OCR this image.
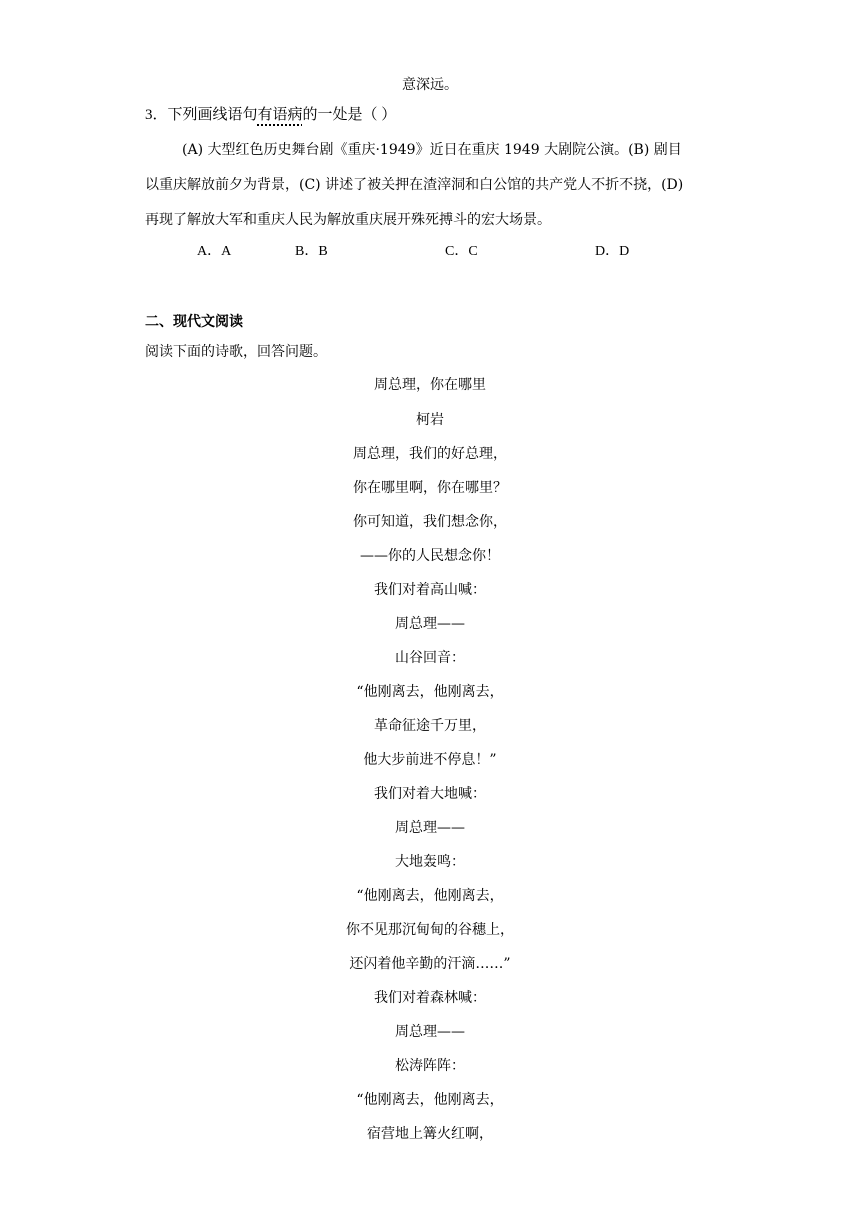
意深远。
3．下列画线语句有语病的一处是（ ）
(A) 大型红色历史舞台剧《重庆·1949》近日在重庆 1949 大剧院公演。(B) 剧目
以重庆解放前夕为背景，(C) 讲述了被关押在渣滓洞和白公馆的共产党人不折不挠，(D)
再现了解放大军和重庆人民为解放重庆展开殊死搏斗的宏大场景。
A．A	B．B	C．C	D．D
二、现代文阅读
阅读下面的诗歌，回答问题。
周总理，你在哪里
柯岩
周总理，我们的好总理，
你在哪里啊，你在哪里？
你可知道，我们想念你，
——你的人民想念你！
我们对着高山喊：
周总理——
山谷回音：
“他刚离去，他刚离去，
革命征途千万里，
他大步前进不停息！”
我们对着大地喊：
周总理——
大地轰鸣：
“他刚离去，他刚离去，
你不见那沉甸甸的谷穗上，
还闪着他辛勤的汗滴……”
我们对着森林喊：
周总理——
松涛阵阵：
“他刚离去，他刚离去，
宿营地上篝火红啊，
